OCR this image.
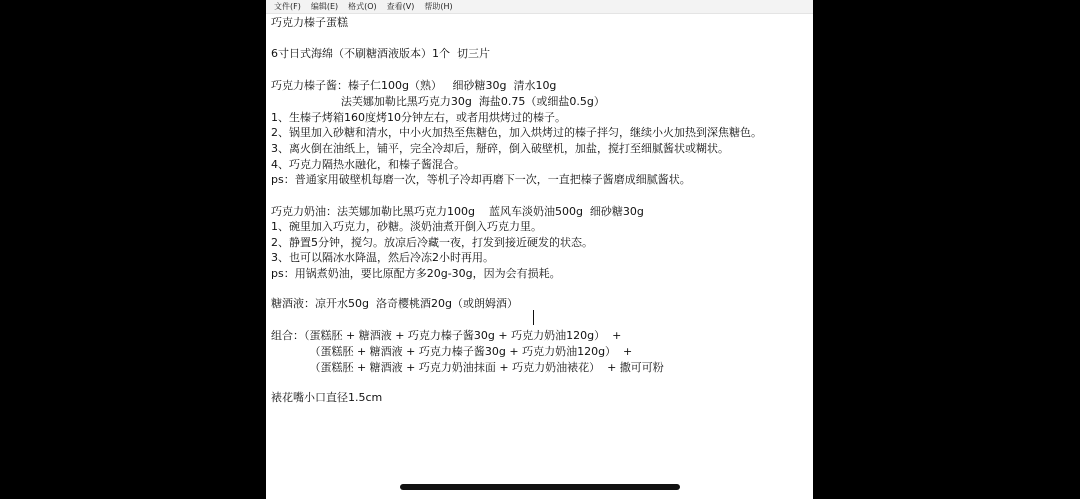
文件(F) 编辑(E) 格式(O) 查看(V) 帮助(H)
巧克力榛子蛋糕
6寸日式海绵（不刷糖酒液版本）1个  切三片
巧克力榛子酱：榛子仁100g（熟）   细砂糖30g  清水10g
法芙娜加勒比黑巧克力30g  海盐0.75（或细盐0.5g）
1、生榛子烤箱160度烤10分钟左右，或者用烘烤过的榛子。
2、锅里加入砂糖和清水，中小火加热至焦糖色，加入烘烤过的榛子拌匀，继续小火加热到深焦糖色。
3、离火倒在油纸上，铺平，完全冷却后，掰碎，倒入破壁机，加盐，搅打至细腻酱状或糊状。
4、巧克力隔热水融化，和榛子酱混合。
ps：普通家用破壁机每磨一次，等机子冷却再磨下一次，一直把榛子酱磨成细腻酱状。
巧克力奶油：法芙娜加勒比黑巧克力100g    蓝风车淡奶油500g  细砂糖30g
1、碗里加入巧克力，砂糖。淡奶油煮开倒入巧克力里。
2、静置5分钟，搅匀。放凉后冷藏一夜，打发到接近硬发的状态。
3、也可以隔冰水降温，然后冷冻2小时再用。
ps：用锅煮奶油，要比原配方多20g-30g，因为会有损耗。
糖酒液：凉开水50g  洛奇樱桃酒20g（或朗姆酒）
组合：（蛋糕胚 + 糖酒液 + 巧克力榛子酱30g + 巧克力奶油120g）  +
（蛋糕胚 + 糖酒液 + 巧克力榛子酱30g + 巧克力奶油120g）  +
（蛋糕胚 + 糖酒液 + 巧克力奶油抹面 + 巧克力奶油裱花）  + 撒可可粉
裱花嘴小口直径1.5cm
